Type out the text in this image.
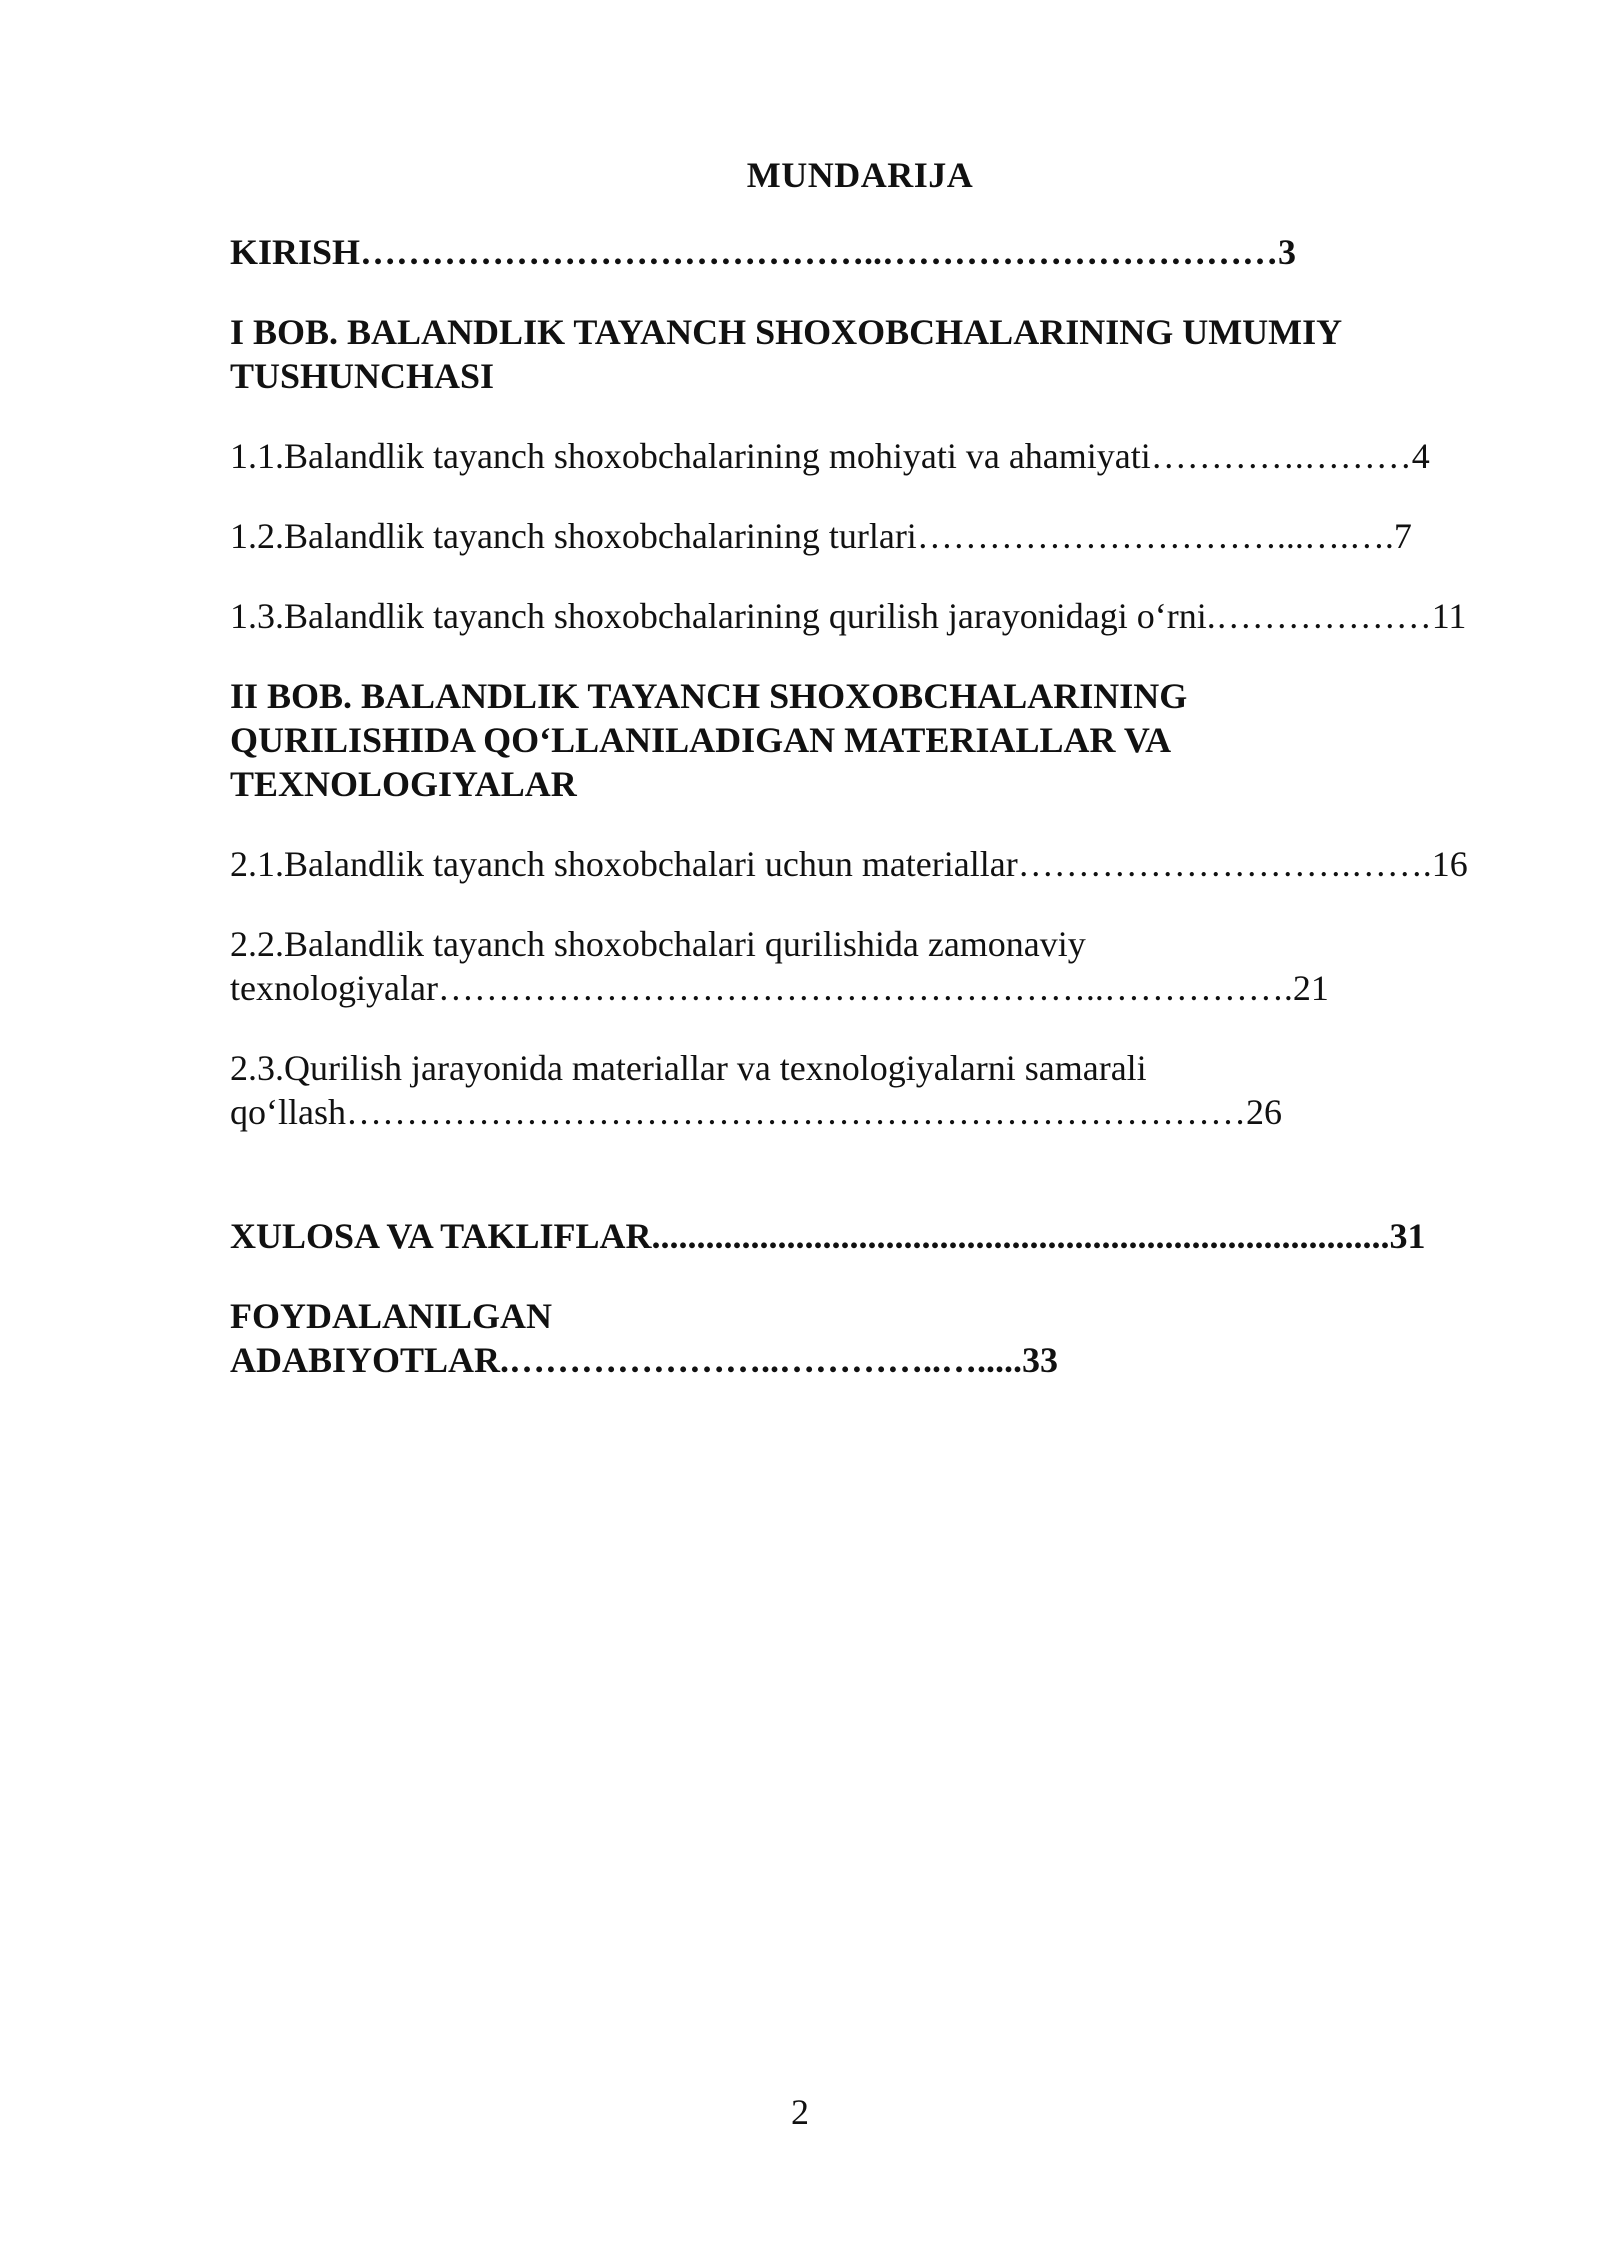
MUNDARIJA

KIRISH……………………………………..……………………………3

I BOB. BALANDLIK TAYANCH SHOXOBCHALARINING UMUMIY

TUSHUNCHASI

1.1.Balandlik tayanch shoxobchalarining mohiyati va ahamiyati………….………4

1.2.Balandlik tayanch shoxobchalarining turlari…………………………...….….7

1.3.Balandlik tayanch shoxobchalarining qurilish jarayonidagi o‘rni.………………11

II BOB. BALANDLIK TAYANCH SHOXOBCHALARINING

QURILISHIDA QO‘LLANILADIGAN MATERIALLAR VA

TEXNOLOGIYALAR

2.1.Balandlik tayanch shoxobchalari uchun materiallar……………………….…….16

2.2.Balandlik tayanch shoxobchalari qurilishida zamonaviy

texnologiyalar………………………………………………..…………….21

2.3.Qurilish jarayonida materiallar va texnologiyalarni samarali

qo‘llash…………………………………………………………………26

XULOSA VA TAKLIFLAR..................................................................................31

FOYDALANILGAN

ADABIYOTLAR.…………………..…………..….....33

2
